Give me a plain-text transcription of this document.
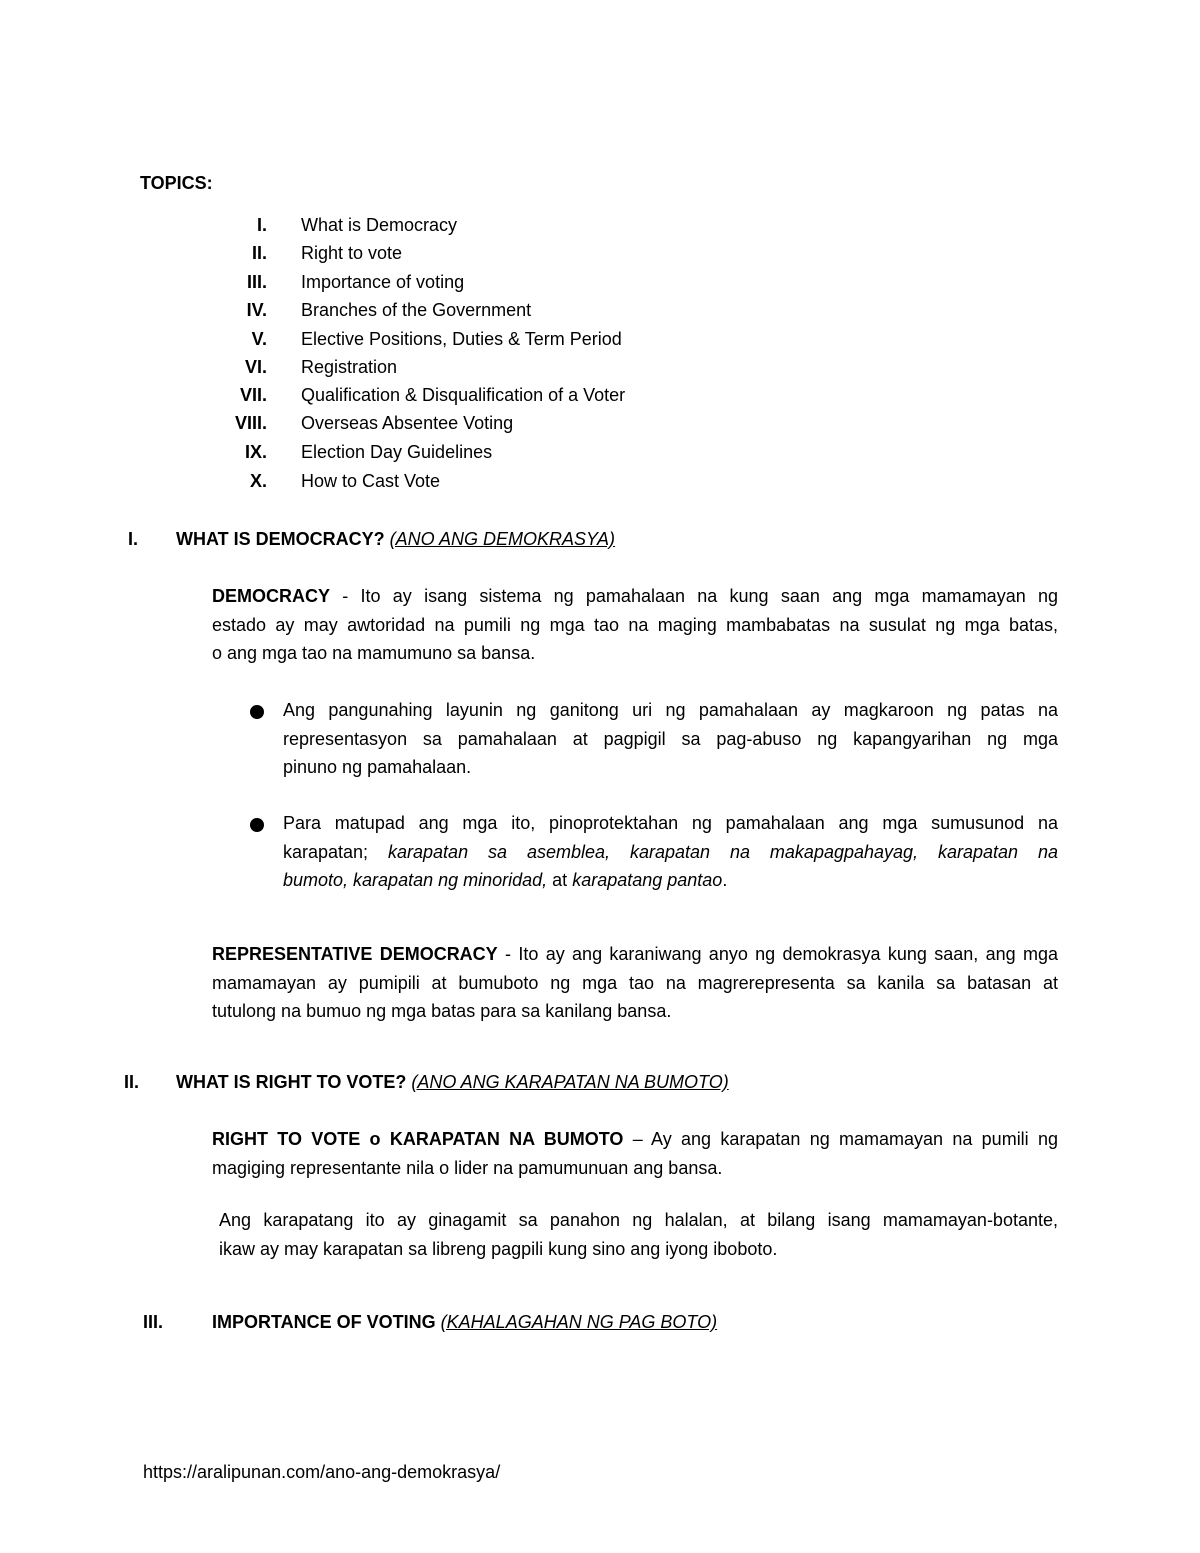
TOPICS:
I. What is Democracy
II. Right to vote
III. Importance of voting
IV. Branches of the Government
V. Elective Positions, Duties & Term Period
VI. Registration
VII. Qualification & Disqualification of a Voter
VIII. Overseas Absentee Voting
IX. Election Day Guidelines
X. How to Cast Vote
I. WHAT IS DEMOCRACY? (ANO ANG DEMOKRASYA)
DEMOCRACY - Ito ay isang sistema ng pamahalaan na kung saan ang mga mamamayan ng
estado ay may awtoridad na pumili ng mga tao na maging mambabatas na susulat ng mga batas,
o ang mga tao na mamumuno sa bansa.
Ang pangunahing layunin ng ganitong uri ng pamahalaan ay magkaroon ng patas na
representasyon sa pamahalaan at pagpigil sa pag-abuso ng kapangyarihan ng mga
pinuno ng pamahalaan.
Para matupad ang mga ito, pinoprotektahan ng pamahalaan ang mga sumusunod na
karapatan; karapatan sa asemblea, karapatan na makapagpahayag, karapatan na
bumoto, karapatan ng minoridad, at karapatang pantao.
REPRESENTATIVE DEMOCRACY - Ito ay ang karaniwang anyo ng demokrasya kung saan, ang mga
mamamayan ay pumipili at bumuboto ng mga tao na magrerepresenta sa kanila sa batasan at
tutulong na bumuo ng mga batas para sa kanilang bansa.
II. WHAT IS RIGHT TO VOTE? (ANO ANG KARAPATAN NA BUMOTO)
RIGHT TO VOTE o KARAPATAN NA BUMOTO – Ay ang karapatan ng mamamayan na pumili ng
magiging representante nila o lider na pamumunuan ang bansa.
Ang karapatang ito ay ginagamit sa panahon ng halalan, at bilang isang mamamayan-botante,
ikaw ay may karapatan sa libreng pagpili kung sino ang iyong iboboto.
III.	IMPORTANCE OF VOTING (KAHALAGAHAN NG PAG BOTO)
https://aralipunan.com/ano-ang-demokrasya/
